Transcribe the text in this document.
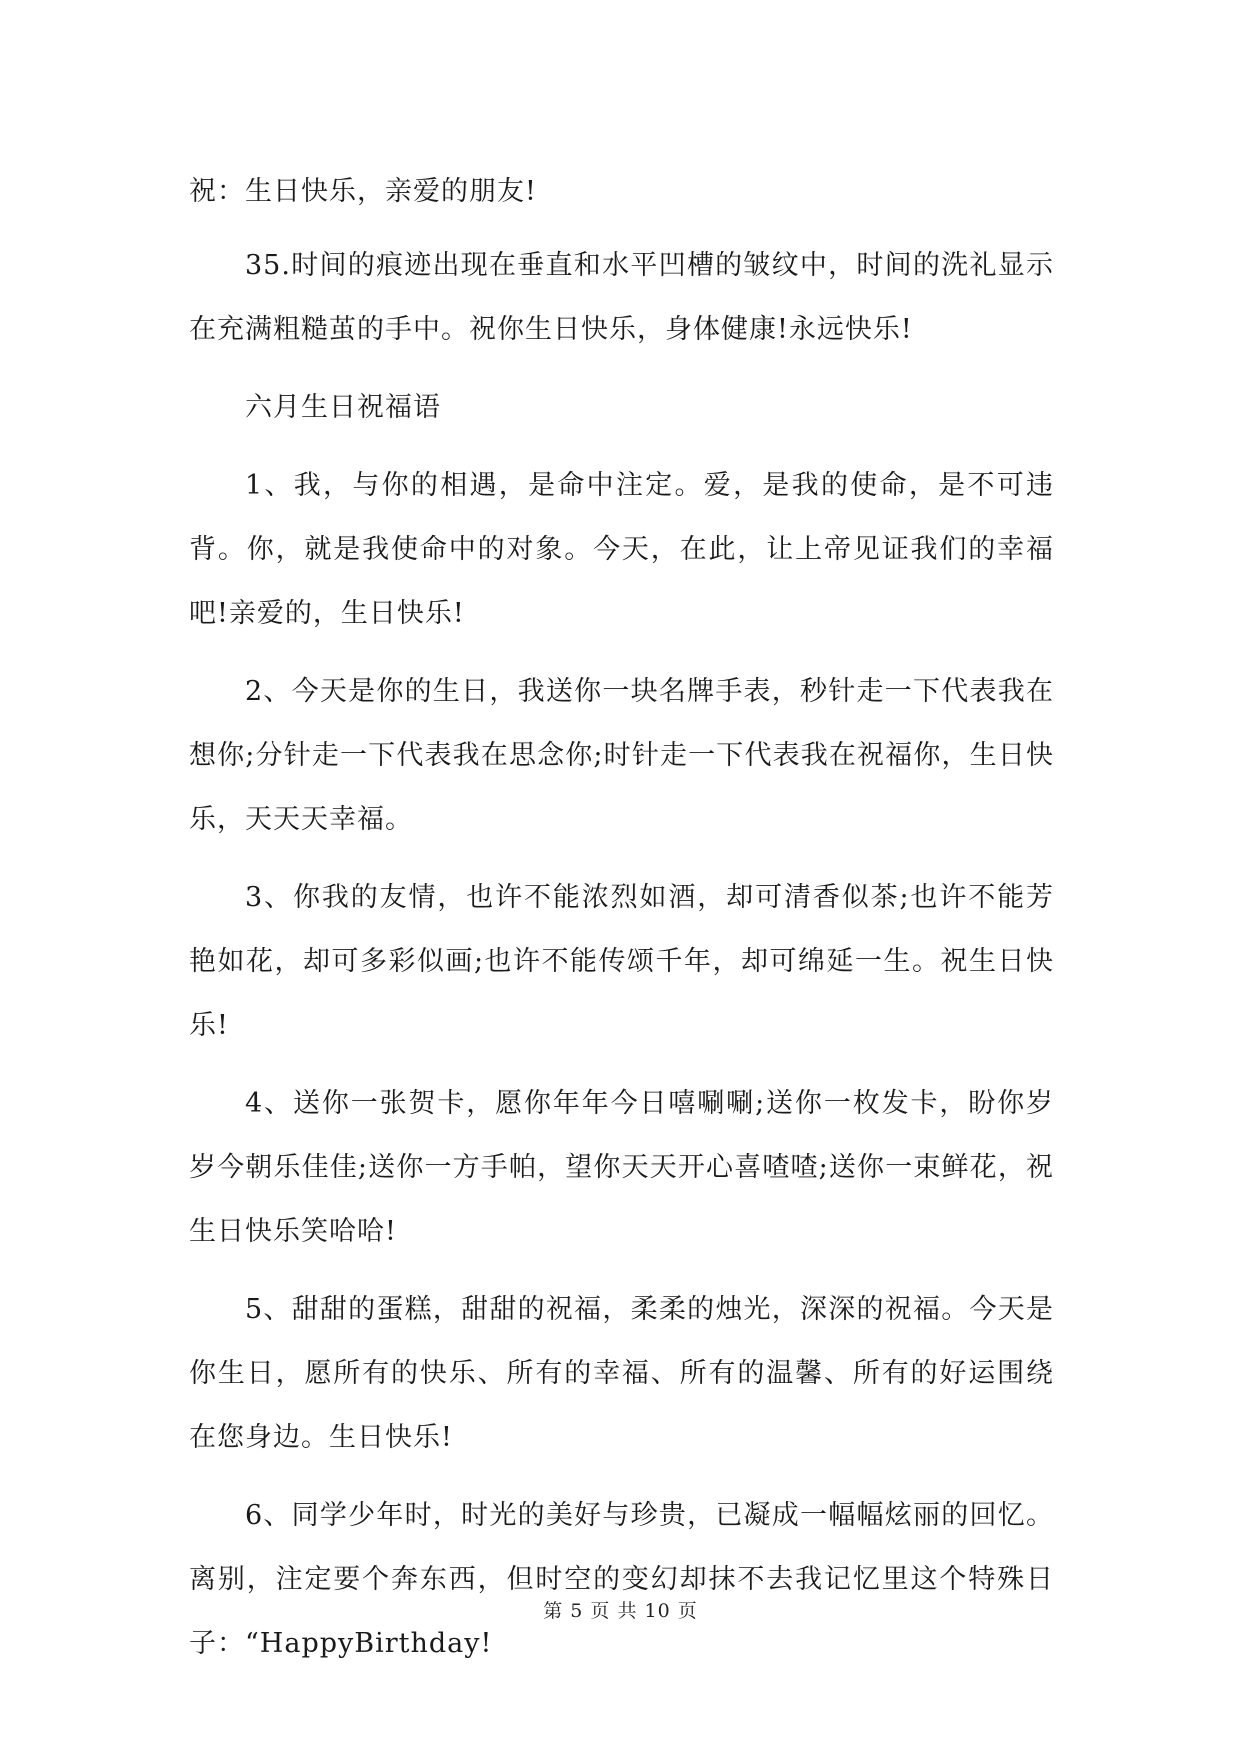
祝：生日快乐，亲爱的朋友!

35.时间的痕迹出现在垂直和水平凹槽的皱纹中，时间的洗礼显示在充满粗糙茧的手中。祝你生日快乐，身体健康!永远快乐!

六月生日祝福语

1、我，与你的相遇，是命中注定。爱，是我的使命，是不可违背。你，就是我使命中的对象。今天，在此，让上帝见证我们的幸福吧!亲爱的，生日快乐!

2、今天是你的生日，我送你一块名牌手表，秒针走一下代表我在想你;分针走一下代表我在思念你;时针走一下代表我在祝福你，生日快乐，天天天幸福。

3、你我的友情，也许不能浓烈如酒，却可清香似茶;也许不能芳艳如花，却可多彩似画;也许不能传颂千年，却可绵延一生。祝生日快乐!

4、送你一张贺卡，愿你年年今日嘻唰唰;送你一枚发卡，盼你岁岁今朝乐佳佳;送你一方手帕，望你天天开心喜喳喳;送你一束鲜花，祝生日快乐笑哈哈!

5、甜甜的蛋糕，甜甜的祝福，柔柔的烛光，深深的祝福。今天是你生日，愿所有的快乐、所有的幸福、所有的温馨、所有的好运围绕在您身边。生日快乐!

6、同学少年时，时光的美好与珍贵，已凝成一幅幅炫丽的回忆。离别，注定要个奔东西，但时空的变幻却抹不去我记忆里这个特殊日子：“HappyBirthday!

第 5 页 共 10 页
